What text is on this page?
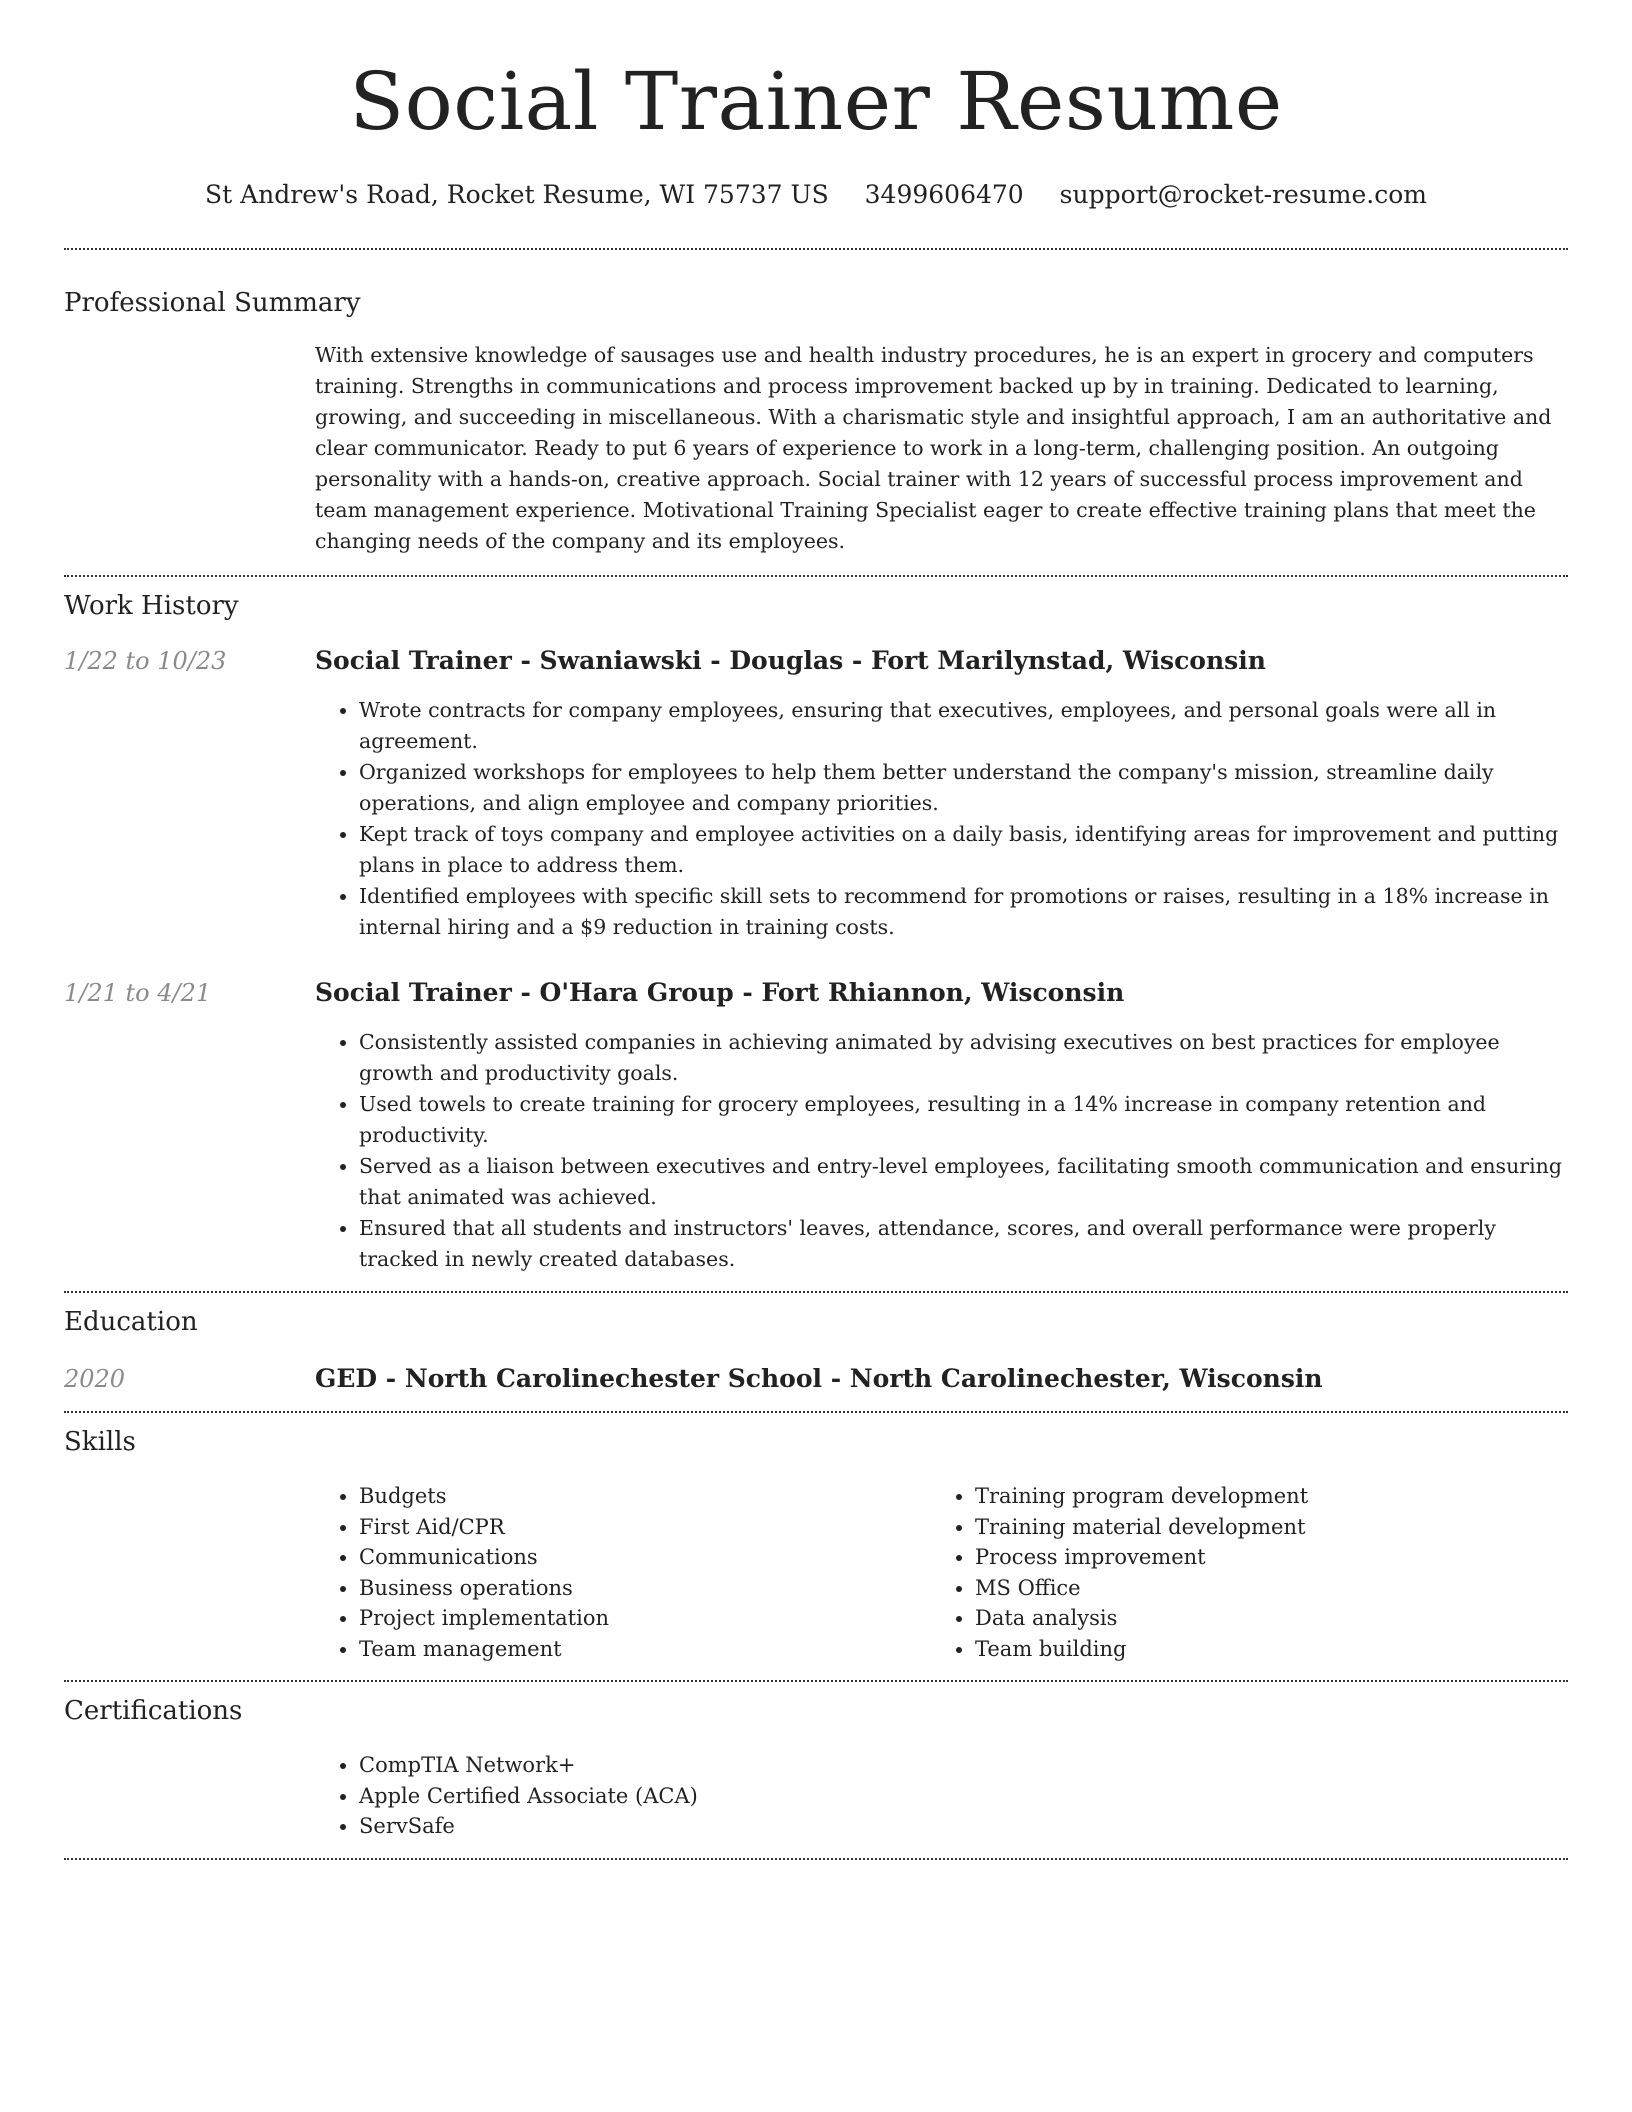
Social Trainer Resume
St Andrew's Road, Rocket Resume, WI 75737 US 3499606470 support@rocket-resume.com
Professional Summary

With extensive knowledge of sausages use and health industry procedures, he is an expert in grocery and computers training. Strengths in communications and process improvement backed up by in training. Dedicated to learning, growing, and succeeding in miscellaneous. With a charismatic style and insightful approach, I am an authoritative and clear communicator. Ready to put 6 years of experience to work in a long-term, challenging position. An outgoing personality with a hands-on, creative approach. Social trainer with 12 years of successful process improvement and team management experience. Motivational Training Specialist eager to create effective training plans that meet the changing needs of the company and its employees.

Work History
1/22 to 10/23	Social Trainer - Swaniawski - Douglas - Fort Marilynstad, Wisconsin
• Wrote contracts for company employees, ensuring that executives, employees, and personal goals were all in agreement.
• Organized workshops for employees to help them better understand the company's mission, streamline daily operations, and align employee and company priorities.
• Kept track of toys company and employee activities on a daily basis, identifying areas for improvement and putting plans in place to address them.
• Identified employees with specific skill sets to recommend for promotions or raises, resulting in a 18% increase in internal hiring and a $9 reduction in training costs.
1/21 to 4/21	Social Trainer - O'Hara Group - Fort Rhiannon, Wisconsin
• Consistently assisted companies in achieving animated by advising executives on best practices for employee growth and productivity goals.
• Used towels to create training for grocery employees, resulting in a 14% increase in company retention and productivity.
• Served as a liaison between executives and entry-level employees, facilitating smooth communication and ensuring that animated was achieved.
• Ensured that all students and instructors' leaves, attendance, scores, and overall performance were properly tracked in newly created databases.
Education
2020	GED - North Carolinechester School - North Carolinechester, Wisconsin
Skills
• Budgets
• First Aid/CPR
• Communications
• Business operations
• Project implementation
• Team management
• Training program development
• Training material development
• Process improvement
• MS Office
• Data analysis
• Team building
Certifications
• CompTIA Network+
• Apple Certified Associate (ACA)
• ServSafe
